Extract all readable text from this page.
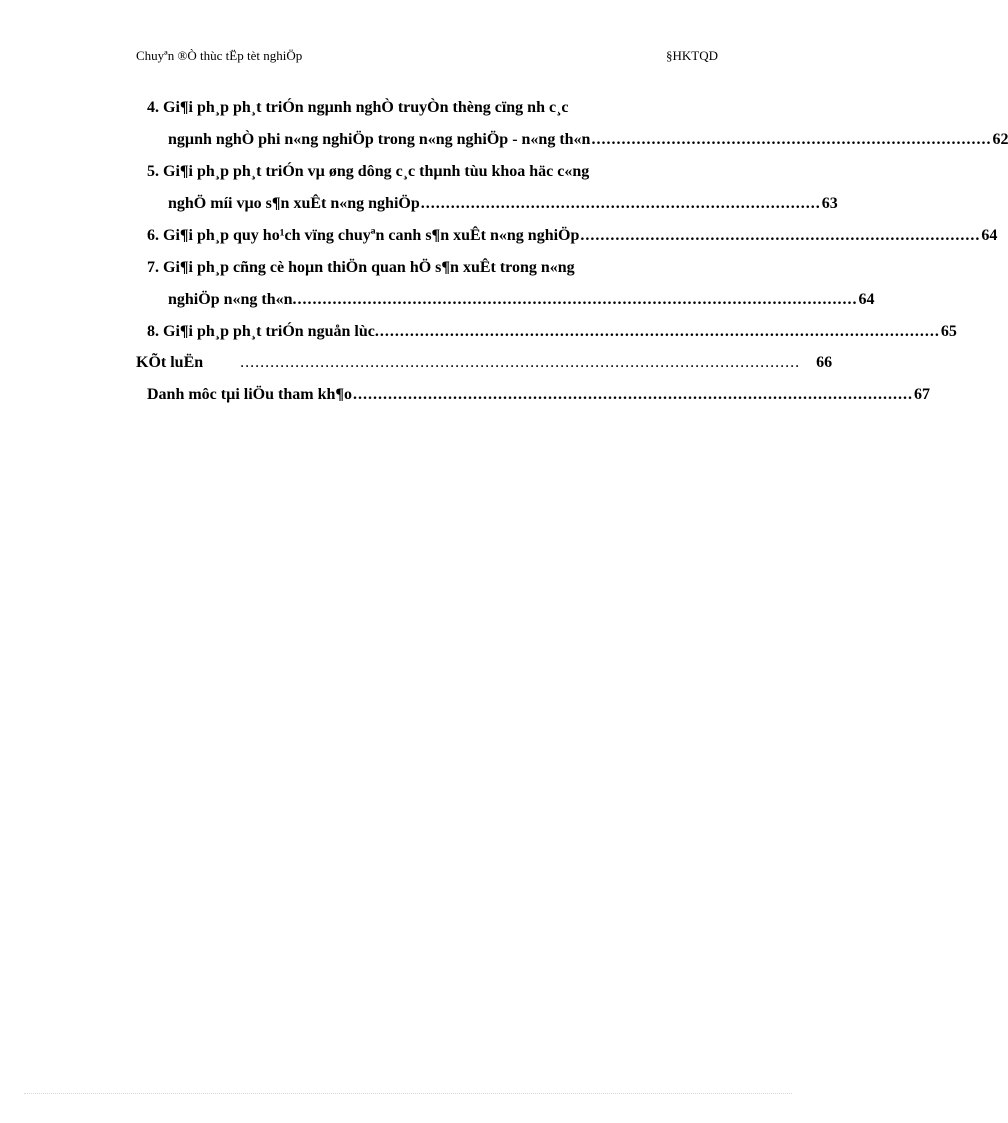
Chuyªn ®Ò thùc tËp tèt nghiÖp	§HKTQD
4. Gi¶i ph¸p ph¸t triÓn ngµnh nghÒ truyÒn thèng cïng nh c¸c
ngµnh nghÒ phi n«ng nghiÖp trong n«ng nghiÖp - n«ng th«n ................................................................................ 62
5. Gi¶i ph¸p ph¸t triÓn vµ øng dông c¸c thµnh tùu khoa häc c«ng
nghÖ míi vµo s¶n xuÊt n«ng nghiÖp ................................................................................ 63
6. Gi¶i ph¸p quy ho¹ch vïng chuyªn canh s¶n xuÊt n«ng nghiÖp ................................................................................ 64
7. Gi¶i ph¸p cñng cè hoµn thiÖn quan hÖ s¶n xuÊt trong n«ng
nghiÖp n«ng th«n. ................................................................................................................ 64
8. Gi¶i ph¸p ph¸t triÓn nguån lùc. ................................................................................................................ 65
KÕt luËn ................................................................................................................ 66
Danh môc tµi liÖu tham kh¶o ................................................................................................................ 67
